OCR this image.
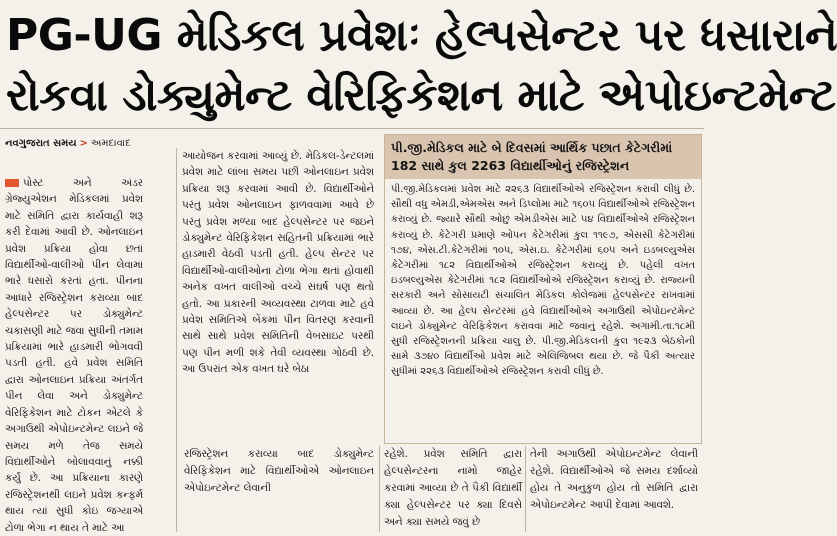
PG-UG મેડિકલ પ્રવેશઃ હેલ્પસેન્ટર પર ધસારાને
રોકવા ડોક્યુમેન્ટ વેરિફિકેશન માટે એપોઇન્ટમેન્ટ
નવગુજરાત સમય > અમદાવાદ
પોસ્ટ અને અંડર ગ્રેજ્યુએશન મેડિકલમાં પ્રવેશ માટે સમિતિ દ્વારા કાર્યવાહી શરૂ કરી દેવામાં આવી છે. ઓનલાઇન પ્રવેશ પ્રક્રિયા હોવા છતાં વિદ્યાર્થીઓ-વાલીઓ પીન લેવામાં ભારે ધસારો કરતાં હતા. પીનના આધારે રજિસ્ટ્રેશન કરાવ્યા બાદ હેલ્પસેન્ટર પર ડોક્યુમેન્ટ ચકાસણી માટે જવા સુધીની તમામ પ્રક્રિયામાં ભારે હાડમારી ભોગવવી પડતી હતી. હવે પ્રવેશ સમિતિ દ્વારા ઓનલાઇન પ્રક્રિયા અંતર્ગત પીન લેવા અને ડોક્યુમેન્ટ વેરિફિકેશન માટે ટોકન એટલે કે અગાઉથી એપોઇન્ટમેન્ટ લઇને જે સમય મળે તેજ સમયે વિદ્યાર્થીઓને બોલાવવાનું નક્કી કર્યું છે. આ પ્રક્રિયાના કારણે રજિસ્ટ્રેશનથી લઇને પ્રવેશ કન્ફર્મ થાય ત્યાં સુધી કોઇ જગ્યાએ ટોળા ભેગા ન થાય તે માટે આ
આયોજન કરવામાં આવ્યું છે. મેડિકલ-ડેન્ટલમાં પ્રવેશ માટે લાંબા સમય પછી ઓનલાઇન પ્રવેશ પ્રક્રિયા શરૂ કરવામાં આવી છે. વિદ્યાર્થીઓને પરંતુ પ્રવેશ ઓનલાઇન ફાળવવામાં આવે છે પરંતુ પ્રવેશ મળ્યા બાદ હેલ્પસેન્ટર પર જઇને ડોક્યુમેન્ટ વેરિફિકેશન સહિતની પ્રક્રિયામાં ભારે હાડમારી વેઠવી પડતી હતી. હેલ્પ સેન્ટર પર વિદ્યાર્થીઓ-વાલીઓના ટોળા ભેગા થતાં હોવાથી અનેક વખત વાલીઓ વચ્ચે સંઘર્ષ પણ થતો હતો. આ પ્રકારની અવ્યવસ્થા ટાળવા માટે હવે પ્રવેશ સમિતિએ બેંકમાં પીન વિતરણ કરવાની સાથે સાથે પ્રવેશ સમિતિની વેબસાઇટ પરથી પણ પીન મળી શકે તેવી વ્યવસ્થા ગોઠવી છે. આ ઉપરાંત એક વખત ઘરે બેઠા
પી.જી.મેડિકલ માટે બે દિવસમાં આર્થિક પછાત કેટેગરીમાં
182 સાથે કુલ 2263 વિદ્યાર્થીઓનું રજિસ્ટ્રેશન
પી.જી.મેડિકલમાં પ્રવેશ માટે ૨૨૬૩ વિદ્યાર્થીઓએ રજિસ્ટ્રેશન કરાવી લીધું છે. સૌથી વધુ એમડી,એમએસ અને ડિપ્લોમા માટે ૧૬૦૫ વિદ્યાર્થીઓએ રજિસ્ટ્રેશન કરાવ્યું છે. જ્યારે સૌથી ઓછું એમડીએસ માટે ૫૪ વિદ્યાર્થીઓએ રજિસ્ટ્રેશન કરાવ્યું છે. કેટેગરી પ્રમાણે ઓપન કેટેગરીમાં કુલ ૧૧૯૭, એસસી કેટેગરીમાં ૧૭૪, એસ.ટી.કેટેગરીમાં ૧૦૫, એસ.ઇ. કેટેગરીમાં ૬૦૫ અને ઇડબલ્યુએસ કેટેગરીમાં ૧૮૨ વિદ્યાર્થીઓએ રજિસ્ટ્રેશન કરાવ્યું છે. પહેલી વખત ઇડબલ્યુએસ કેટેગરીમાં ૧૮૨ વિદ્યાર્થીઓએ રજિસ્ટ્રેશન કરાવ્યું છે. રાજ્યની સરકારી અને સોસાયટી સંચાલિત મેડિકલ કોલેજમાં હેલ્પસેન્ટર રાખવામાં આવ્યા છે. આ હેલ્પ સેન્ટરમાં હવે વિદ્યાર્થીઓએ અગાઉથી એપોઇન્ટમેન્ટ લઇને ડોક્યુમેન્ટ વેરિફિકેશન કરાવવા માટે જવાનું રહેશે. અગામી.તા.૧૮મી સુધી રજિસ્ટ્રેશનની પ્રક્રિયા ચાલુ છે. પી.જી.મેડિકલની કુલ ૧૯૨૩ બેઠકોની સામે ૩૭૪૦ વિદ્યાર્થીઓ પ્રવેશ માટે એલિજિબલ થયા છે. જે પૈકી અત્યાર સુધીમાં ૨૨૬૩ વિદ્યાર્થીઓએ રજિસ્ટ્રેશન કરાવી લીધું છે.
રજિસ્ટ્રેશન કરાવ્યા બાદ ડોક્યુમેન્ટ વેરિફિકેશન માટે વિદ્યાર્થીઓએ ઓનલાઇન એપોઇન્ટમેન્ટ લેવાની
રહેશે. પ્રવેશ સમિતિ દ્વારા હેલ્પસેન્ટરના નામો જાહેર કરવામાં આવ્યા છે તે પૈકી વિદ્યાર્થી ક્યા હેલ્પસેન્ટર પર ક્યા દિવસે અને ક્યા સમયે જવું છે
તેની અગાઉથી એપોઇન્ટમેન્ટ લેવાની રહેશે. વિદ્યાર્થીઓએ જે સમય દર્શાવ્યો હોય તે અનુકુળ હોય તો સમિતિ દ્વારા એપોઇન્ટમેન્ટ આપી દેવામાં આવશે.
